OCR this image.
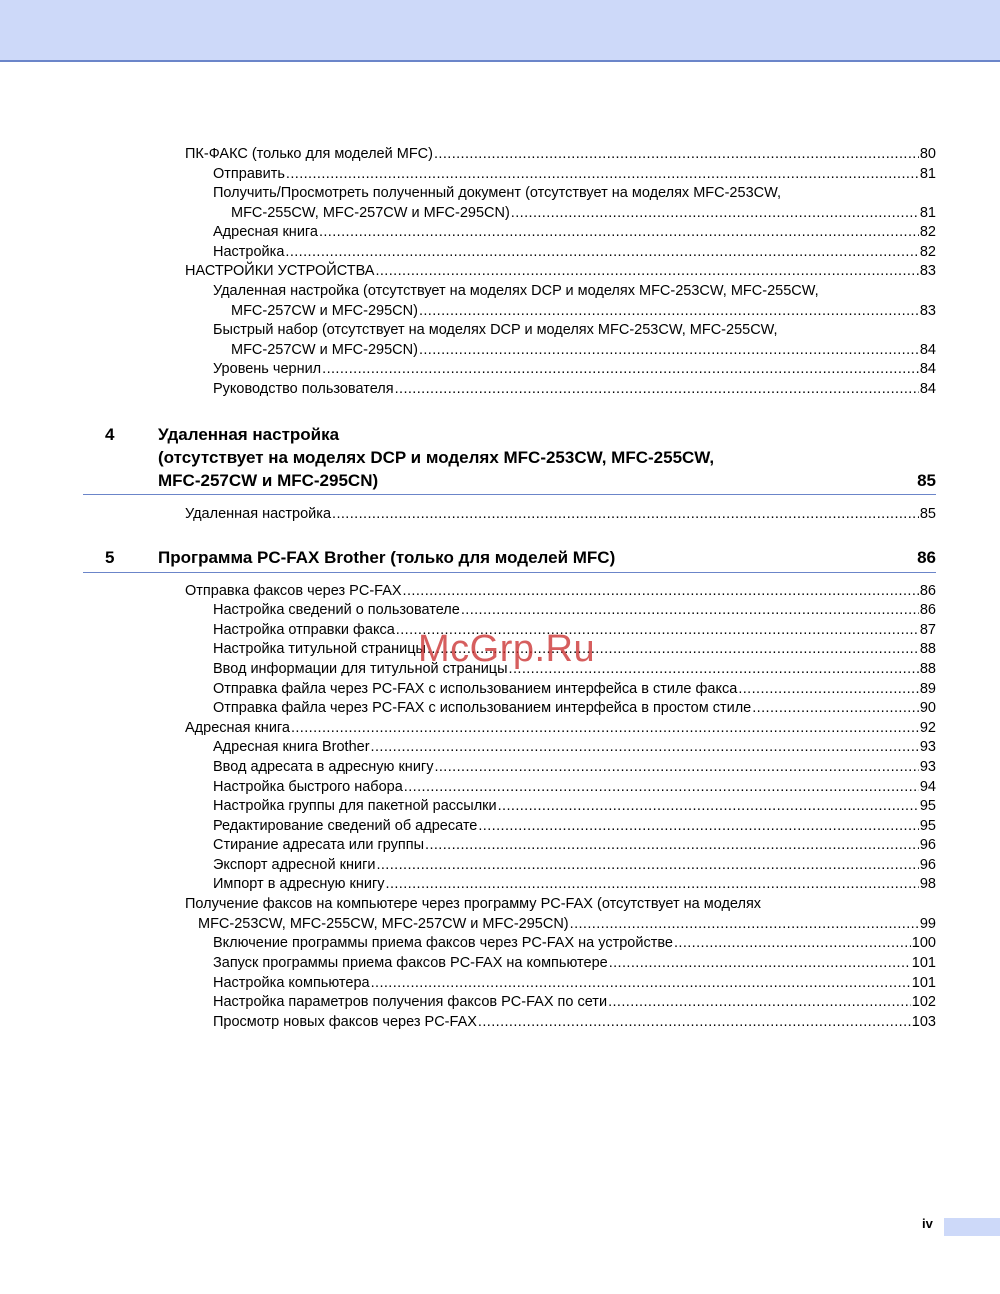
ПК-ФАКС (только для моделей MFC) .....	80
Отправить .....	81
Получить/Просмотреть полученный документ (отсутствует на моделях MFC-253CW,
MFC-255CW, MFC-257CW и MFC-295CN) .....	81
Адресная книга .....	82
Настройка .....	82
НАСТРОЙКИ УСТРОЙСТВА .....	83
Удаленная настройка (отсутствует на моделях DCP и моделях MFC-253CW, MFC-255CW,
MFC-257CW и MFC-295CN) .....	83
Быстрый набор (отсутствует на моделях DCP и моделях MFC-253CW, MFC-255CW,
MFC-257CW и MFC-295CN) .....	84
Уровень чернил .....	84
Руководство пользователя .....	84
4	Удаленная настройка
(отсутствует на моделях DCP и моделях MFC-253CW, MFC-255CW,
MFC-257CW и MFC-295CN)	85
Удаленная настройка .....	85
5	Программа PC-FAX Brother (только для моделей MFC)	86
Отправка факсов через PC-FAX .....	86
Настройка сведений о пользователе .....	86
Настройка отправки факса .....	87
Настройка титульной страницы .....	88
Ввод информации для титульной страницы .....	88
Отправка файла через PC-FAX с использованием интерфейса в стиле факса .....	89
Отправка файла через PC-FAX с использованием интерфейса в простом стиле .....	90
Адресная книга .....	92
Адресная книга Brother .....	93
Ввод адресата в адресную книгу .....	93
Настройка быстрого набора .....	94
Настройка группы для пакетной рассылки .....	95
Редактирование сведений об адресате .....	95
Стирание адресата или группы .....	96
Экспорт адресной книги .....	96
Импорт в адресную книгу .....	98
Получение факсов на компьютере через программу PC-FAX (отсутствует на моделях
MFC-253CW, MFC-255CW, MFC-257CW и MFC-295CN) .....	99
Включение программы приема факсов через PC-FAX на устройстве .....	100
Запуск программы приема факсов PC-FAX на компьютере .....	101
Настройка компьютера .....	101
Настройка параметров получения факсов PC-FAX по сети .....	102
Просмотр новых факсов через PC-FAX .....	103
McGrp.Ru
iv
